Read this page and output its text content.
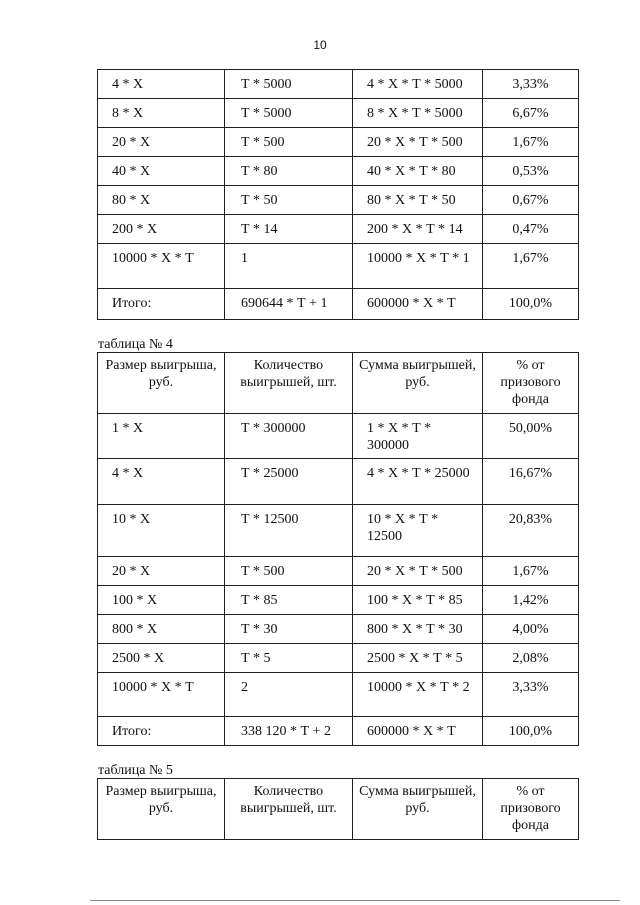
10
4 * Х	Т * 5000	4 * Х * Т * 5000	3,33%
8 * Х	Т * 5000	8 * Х * Т * 5000	6,67%
20 * Х	Т * 500	20 * Х * Т * 500	1,67%
40 * Х	Т * 80	40 * Х * Т * 80	0,53%
80 * Х	Т * 50	80 * Х * Т * 50	0,67%
200 * Х	Т * 14	200 * Х * Т * 14	0,47%
10000 * Х * Т	1	10000 * Х * Т * 1	1,67%
Итого:	690644 * Т + 1	600000 * Х * Т	100,0%
таблица № 4
Размер выигрыша, руб.	Количество выигрышей, шт.	Сумма выигрышей, руб.	% от призового фонда
1 * Х	Т * 300000	1 * Х * Т * 300000	50,00%
4 * Х	Т * 25000	4 * Х * Т * 25000	16,67%
10 * Х	Т * 12500	10 * Х * Т * 12500	20,83%
20 * Х	Т * 500	20 * Х * Т * 500	1,67%
100 * Х	Т * 85	100 * Х * Т * 85	1,42%
800 * Х	Т * 30	800 * Х * Т * 30	4,00%
2500 * Х	Т * 5	2500 * Х * Т * 5	2,08%
10000 * Х * Т	2	10000 * Х * Т * 2	3,33%
Итого:	338 120 * Т + 2	600000 * Х * Т	100,0%
таблица № 5
Размер выигрыша, руб.	Количество выигрышей, шт.	Сумма выигрышей, руб.	% от призового фонда
